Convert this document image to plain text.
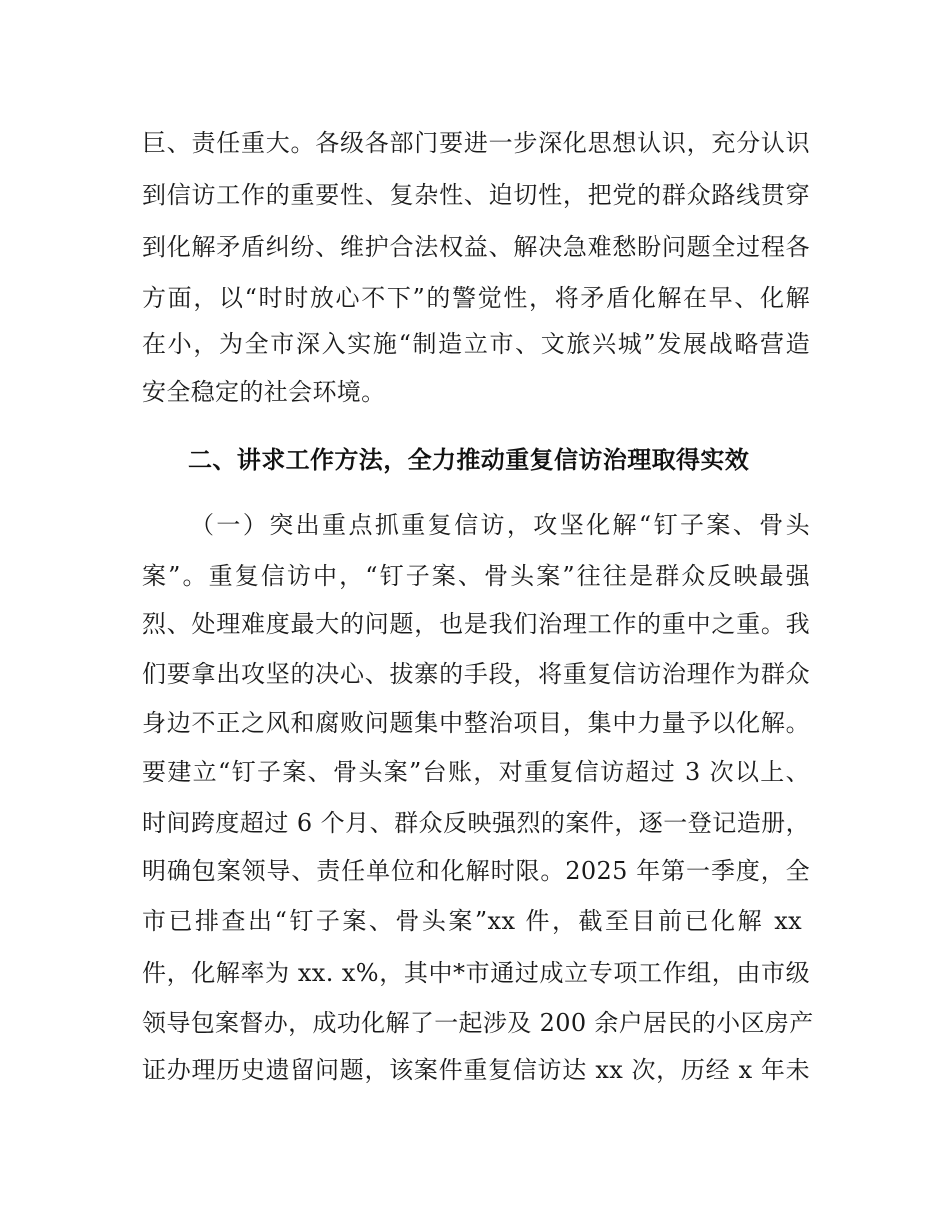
巨、责任重大。各级各部门要进一步深化思想认识，充分认识
到信访工作的重要性、复杂性、迫切性，把党的群众路线贯穿
到化解矛盾纠纷、维护合法权益、解决急难愁盼问题全过程各
方面，以“时时放心不下”的警觉性，将矛盾化解在早、化解
在小，为全市深入实施“制造立市、文旅兴城”发展战略营造
安全稳定的社会环境。
二、讲求工作方法，全力推动重复信访治理取得实效
（一）突出重点抓重复信访，攻坚化解“钉子案、骨头
案”。重复信访中，“钉子案、骨头案”往往是群众反映最强
烈、处理难度最大的问题，也是我们治理工作的重中之重。我
们要拿出攻坚的决心、拔寨的手段，将重复信访治理作为群众
身边不正之风和腐败问题集中整治项目，集中力量予以化解。
要建立“钉子案、骨头案”台账，对重复信访超过 3 次以上、
时间跨度超过 6 个月、群众反映强烈的案件，逐一登记造册，
明确包案领导、责任单位和化解时限。2025 年第一季度，全
市已排查出“钉子案、骨头案”xx 件，截至目前已化解 xx
件，化解率为 xx. x%，其中*市通过成立专项工作组，由市级
领导包案督办，成功化解了一起涉及 200 余户居民的小区房产
证办理历史遗留问题，该案件重复信访达 xx 次，历经 x 年未
